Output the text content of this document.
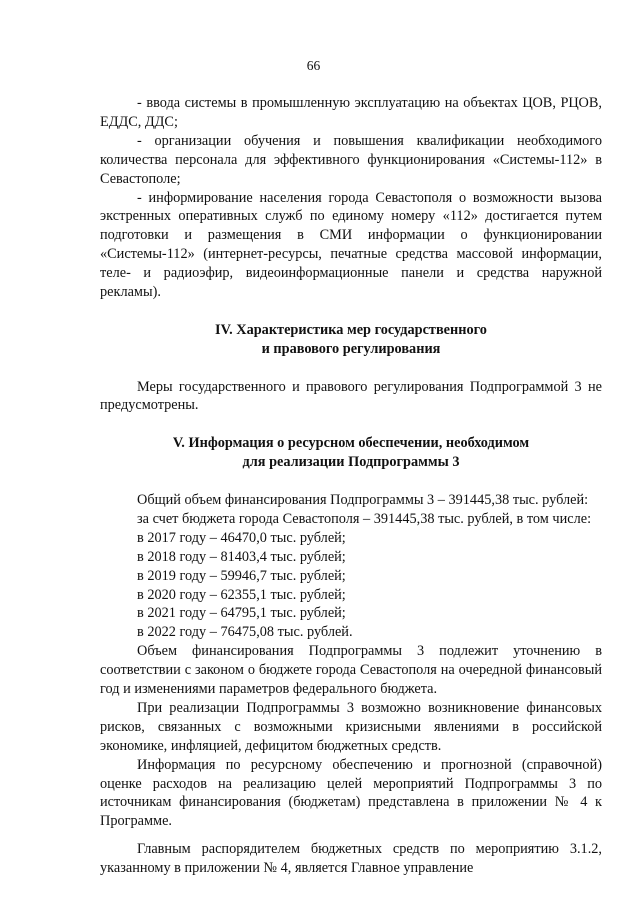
66

- ввода системы в промышленную эксплуатацию на объектах ЦОВ, РЦОВ, ЕДДС, ДДС;

- организации обучения и повышения квалификации необходимого количества персонала для эффективного функционирования «Системы-112» в Севастополе;

- информирование населения города Севастополя о возможности вызова экстренных оперативных служб по единому номеру «112» достигается путем подготовки и размещения в СМИ информации о функционировании «Системы-112» (интернет-ресурсы, печатные средства массовой информации, теле- и радиоэфир, видеоинформационные панели и средства наружной рекламы).

IV. Характеристика мер государственного

и правового регулирования

Меры государственного и правового регулирования Подпрограммой 3 не предусмотрены.

V. Информация о ресурсном обеспечении, необходимом

для реализации Подпрограммы 3

Общий объем финансирования Подпрограммы 3 – 391445,38 тыс. рублей:

за счет бюджета города Севастополя – 391445,38 тыс. рублей, в том числе:

в 2017 году – 46470,0 тыс. рублей;

в 2018 году – 81403,4 тыс. рублей;

в 2019 году – 59946,7 тыс. рублей;

в 2020 году – 62355,1 тыс. рублей;

в 2021 году – 64795,1 тыс. рублей;

в 2022 году – 76475,08 тыс. рублей.

Объем финансирования Подпрограммы 3 подлежит уточнению в соответствии с законом о бюджете города Севастополя на очередной финансовый год и изменениями параметров федерального бюджета.

При реализации Подпрограммы 3 возможно возникновение финансовых рисков, связанных с возможными кризисными явлениями в российской экономике, инфляцией, дефицитом бюджетных средств.

Информация по ресурсному обеспечению и прогнозной (справочной) оценке расходов на реализацию целей мероприятий Подпрограммы 3 по источникам финансирования (бюджетам) представлена в приложении № 4 к Программе.

Главным распорядителем бюджетных средств по мероприятию 3.1.2, указанному в приложении № 4, является Главное управление
